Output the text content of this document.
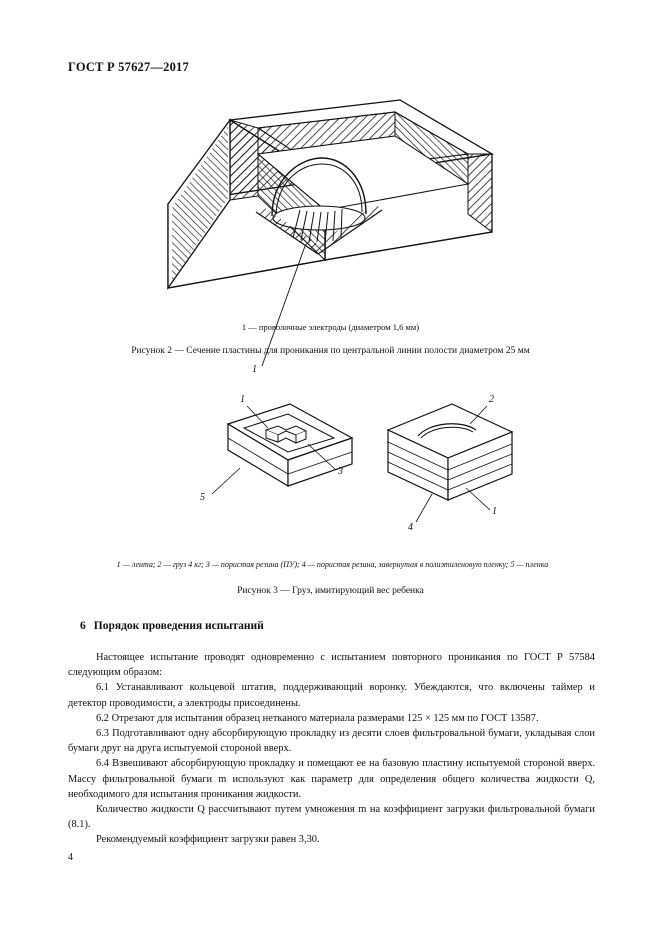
ГОСТ Р 57627—2017
1
1 — проволочные электроды (диаметром 1,6 мм)
Рисунок 2 — Сечение пластины для проникания по центральной линии полости диаметром 25 мм
1
3
5
2
4
1
1 — лента; 2 — груз 4 кг; 3 — пористая резина (ПУ); 4 — пористая резина, завернутая в полиэтиленовую пленку; 5 — пленка
Рисунок 3 — Груз, имитирующий вес ребенка
6 Порядок проведения испытаний

Настоящее испытание проводят одновременно с испытанием повторного проникания по ГОСТ Р 57584 следующим образом:

6.1 Устанавливают кольцевой штатив, поддерживающий воронку. Убеждаются, что включены таймер и детектор проводимости, а электроды присоединены.

6.2 Отрезают для испытания образец нетканого материала размерами 125 × 125 мм по ГОСТ 13587.

6.3 Подготавливают одну абсорбирующую прокладку из десяти слоев фильтровальной бумаги, укладывая слои бумаги друг на друга испытуемой стороной вверх.

6.4 Взвешивают абсорбирующую прокладку и помещают ее на базовую пластину испытуемой стороной вверх. Массу фильтровальной бумаги m используют как параметр для определения общего количества жидкости Q, необходимого для испытания проникания жидкости.

Количество жидкости Q рассчитывают путем умножения m на коэффициент загрузки фильтровальной бумаги (8.1).

Рекомендуемый коэффициент загрузки равен 3,30.

4
